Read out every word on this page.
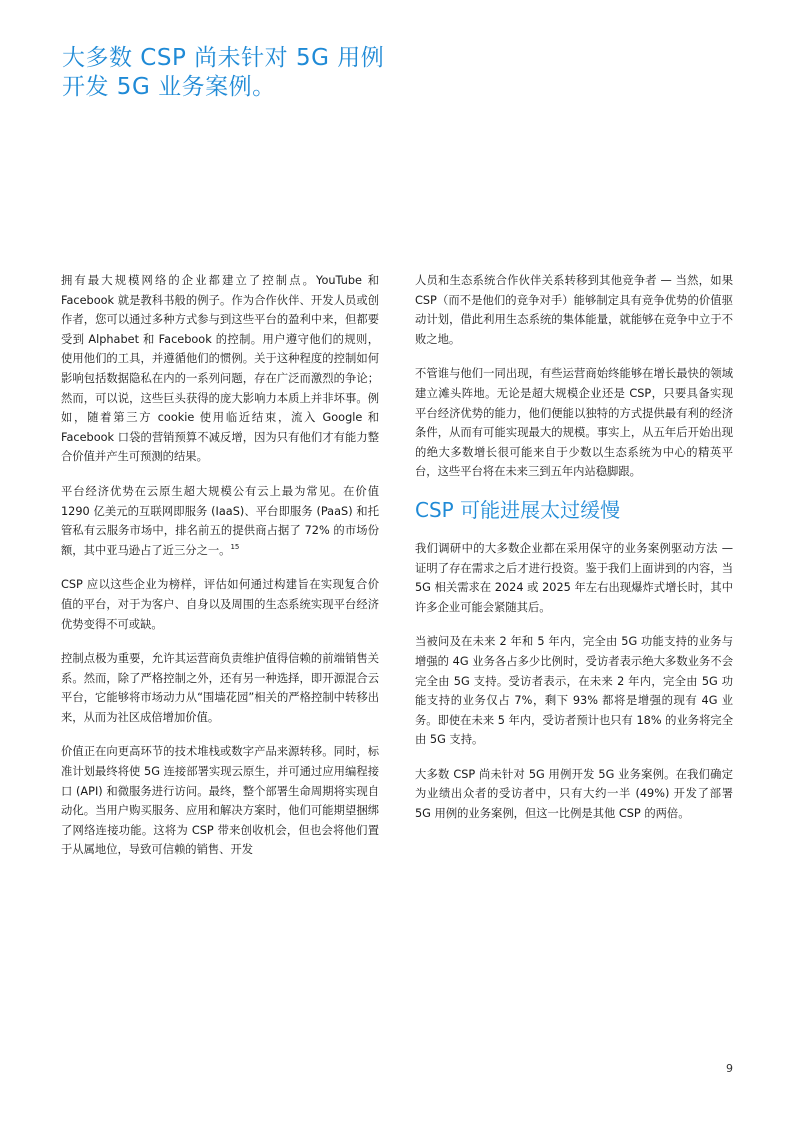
大多数 CSP 尚未针对 5G 用例开发 5G 业务案例。

拥有最大规模网络的企业都建立了控制点。YouTube 和 Facebook 就是教科书般的例子。作为合作伙伴、开发人员或创作者，您可以通过多种方式参与到这些平台的盈利中来，但都要受到 Alphabet 和 Facebook 的控制。用户遵守他们的规则，使用他们的工具，并遵循他们的惯例。关于这种程度的控制如何影响包括数据隐私在内的一系列问题，存在广泛而激烈的争论；然而，可以说，这些巨头获得的庞大影响力本质上并非坏事。例如，随着第三方 cookie 使用临近结束，流入 Google 和 Facebook 口袋的营销预算不减反增，因为只有他们才有能力整合价值并产生可预测的结果。

平台经济优势在云原生超大规模公有云上最为常见。在价值 1290 亿美元的互联网即服务 (IaaS)、平台即服务 (PaaS) 和托管私有云服务市场中，排名前五的提供商占据了 72% 的市场份额，其中亚马逊占了近三分之一。$^{15}$

CSP 应以这些企业为榜样，评估如何通过构建旨在实现复合价值的平台，对于为客户、自身以及周围的生态系统实现平台经济优势变得不可或缺。

控制点极为重要，允许其运营商负责维护值得信赖的前端销售关系。然而，除了严格控制之外，还有另一种选择，即开源混合云平台，它能够将市场动力从“围墙花园”相关的严格控制中转移出来，从而为社区成倍增加价值。

价值正在向更高环节的技术堆栈或数字产品来源转移。同时，标准计划最终将使 5G 连接部署实现云原生，并可通过应用编程接口 (API) 和微服务进行访问。最终，整个部署生命周期将实现自动化。当用户购买服务、应用和解决方案时，他们可能期望捆绑了网络连接功能。这将为 CSP 带来创收机会，但也会将他们置于从属地位，导致可信赖的销售、开发

人员和生态系统合作伙伴关系转移到其他竞争者 — 当然，如果 CSP（而不是他们的竞争对手）能够制定具有竞争优势的价值驱动计划，借此利用生态系统的集体能量，就能够在竞争中立于不败之地。

不管谁与他们一同出现，有些运营商始终能够在增长最快的领域建立滩头阵地。无论是超大规模企业还是 CSP，只要具备实现平台经济优势的能力，他们便能以独特的方式提供最有利的经济条件，从而有可能实现最大的规模。事实上，从五年后开始出现的绝大多数增长很可能来自于少数以生态系统为中心的精英平台，这些平台将在未来三到五年内站稳脚跟。

CSP 可能进展太过缓慢

我们调研中的大多数企业都在采用保守的业务案例驱动方法 — 证明了存在需求之后才进行投资。鉴于我们上面讲到的内容，当 5G 相关需求在 2024 或 2025 年左右出现爆炸式增长时，其中许多企业可能会紧随其后。

当被问及在未来 2 年和 5 年内，完全由 5G 功能支持的业务与增强的 4G 业务各占多少比例时，受访者表示绝大多数业务不会完全由 5G 支持。受访者表示，在未来 2 年内，完全由 5G 功能支持的业务仅占 7%，剩下 93% 都将是增强的现有 4G 业务。即使在未来 5 年内，受访者预计也只有 18% 的业务将完全由 5G 支持。

大多数 CSP 尚未针对 5G 用例开发 5G 业务案例。在我们确定为业绩出众者的受访者中，只有大约一半 (49%) 开发了部署 5G 用例的业务案例，但这一比例是其他 CSP 的两倍。

9
